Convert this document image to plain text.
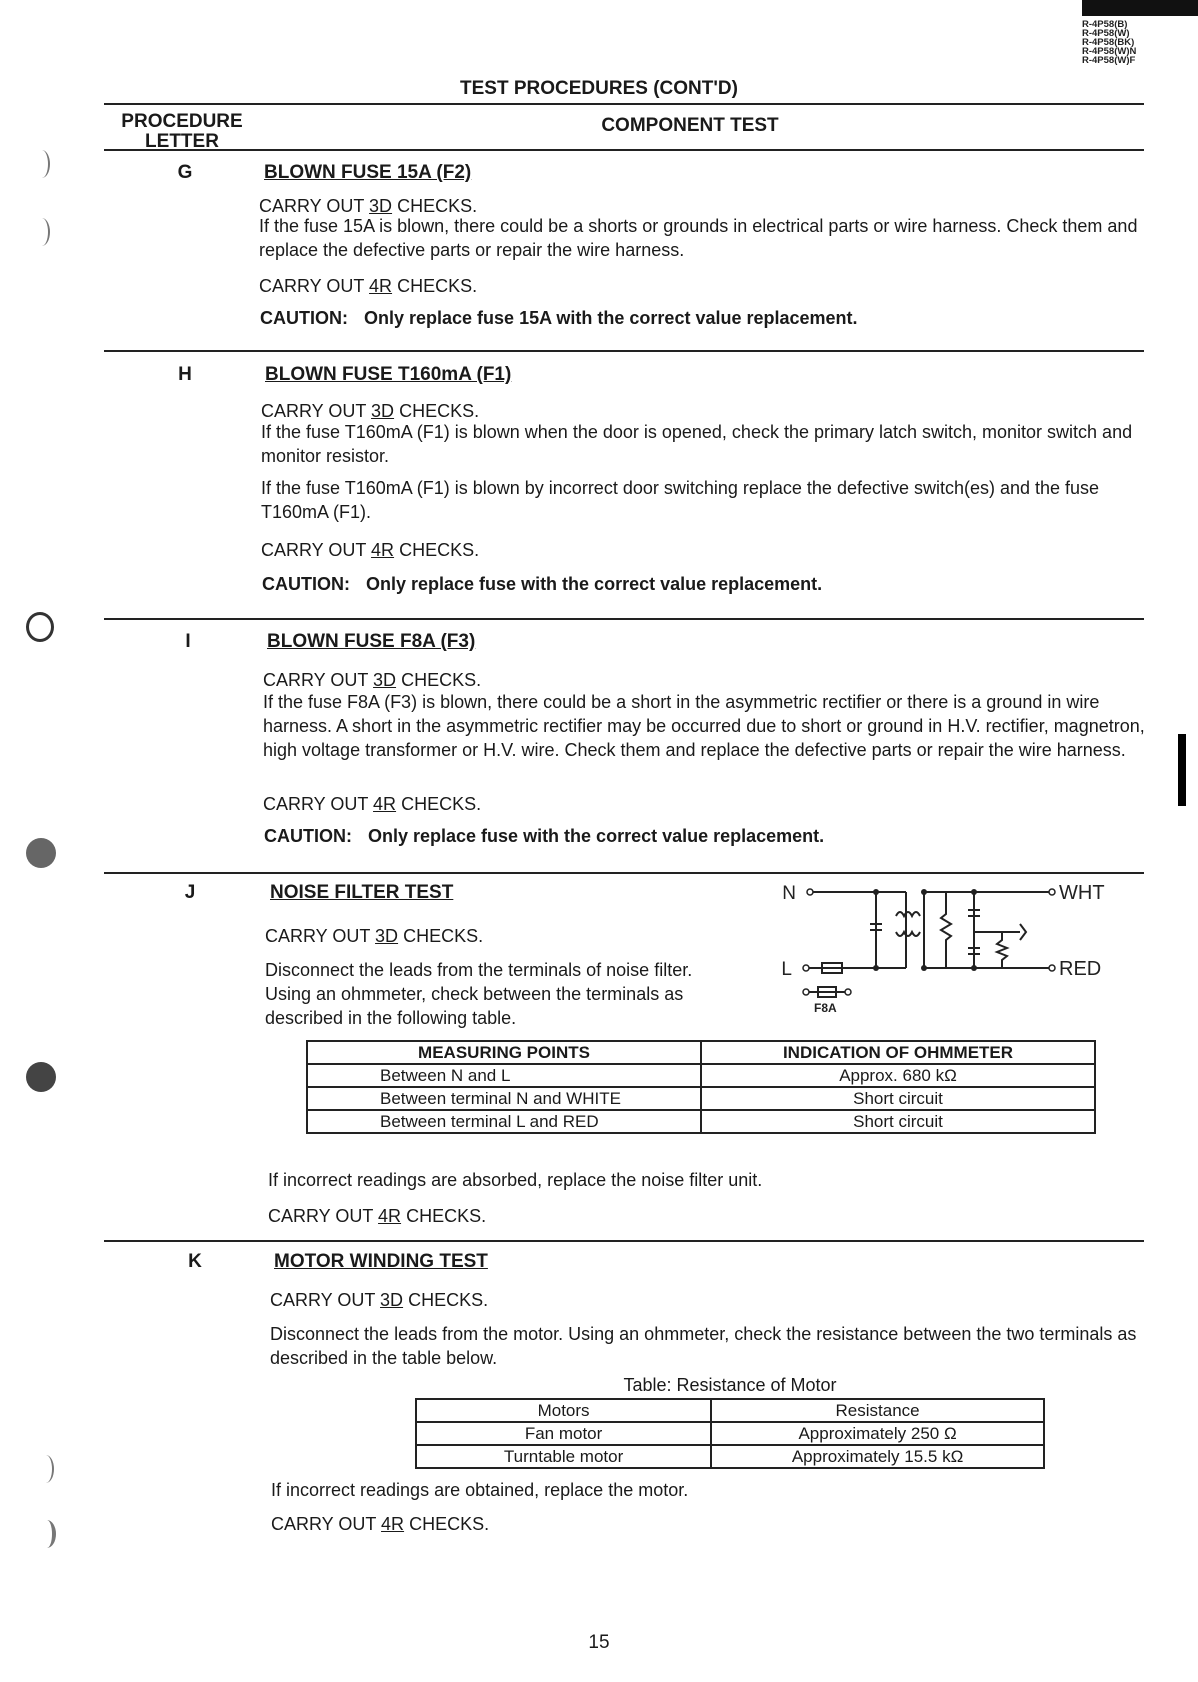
R-4P58(B)
R-4P58(W)
R-4P58(BK)
R-4P58(W)N
R-4P58(W)F
TEST PROCEDURES (CONT'D)
PROCEDURE LETTER
COMPONENT TEST
G	BLOWN FUSE 15A (F2)
CARRY OUT 3D CHECKS.
If the fuse 15A is blown, there could be a shorts or grounds in electrical parts or wire harness. Check them and replace the defective parts or repair the wire harness.
CARRY OUT 4R CHECKS.
CAUTION: Only replace fuse 15A with the correct value replacement.
H	BLOWN FUSE T160mA (F1)
CARRY OUT 3D CHECKS.
If the fuse T160mA (F1) is blown when the door is opened, check the primary latch switch, monitor switch and monitor resistor.
If the fuse T160mA (F1) is blown by incorrect door switching replace the defective switch(es) and the fuse T160mA (F1).
CARRY OUT 4R CHECKS.
CAUTION: Only replace fuse with the correct value replacement.
I	BLOWN FUSE F8A (F3)
CARRY OUT 3D CHECKS.
If the fuse F8A (F3) is blown, there could be a short in the asymmetric rectifier or there is a ground in wire harness. A short in the asymmetric rectifier may be occurred due to short or ground in H.V. rectifier, magnetron, high voltage transformer or H.V. wire. Check them and replace the defective parts or repair the wire harness.
CARRY OUT 4R CHECKS.
CAUTION: Only replace fuse with the correct value replacement.
J	NOISE FILTER TEST
CARRY OUT 3D CHECKS.
Disconnect the leads from the terminals of noise filter. Using an ohmmeter, check between the terminals as described in the following table.
N
L
WHT
RED
F8A
MEASURING POINTS	INDICATION OF OHMMETER
Between N and L	Approx. 680 kΩ
Between terminal N and WHITE	Short circuit
Between terminal L and RED	Short circuit
If incorrect readings are absorbed, replace the noise filter unit.
CARRY OUT 4R CHECKS.
K	MOTOR WINDING TEST
CARRY OUT 3D CHECKS.
Disconnect the leads from the motor. Using an ohmmeter, check the resistance between the two terminals as described in the table below.
Table: Resistance of Motor
Motors	Resistance
Fan motor	Approximately 250 Ω
Turntable motor	Approximately 15.5 kΩ
If incorrect readings are obtained, replace the motor.
CARRY OUT 4R CHECKS.
15
